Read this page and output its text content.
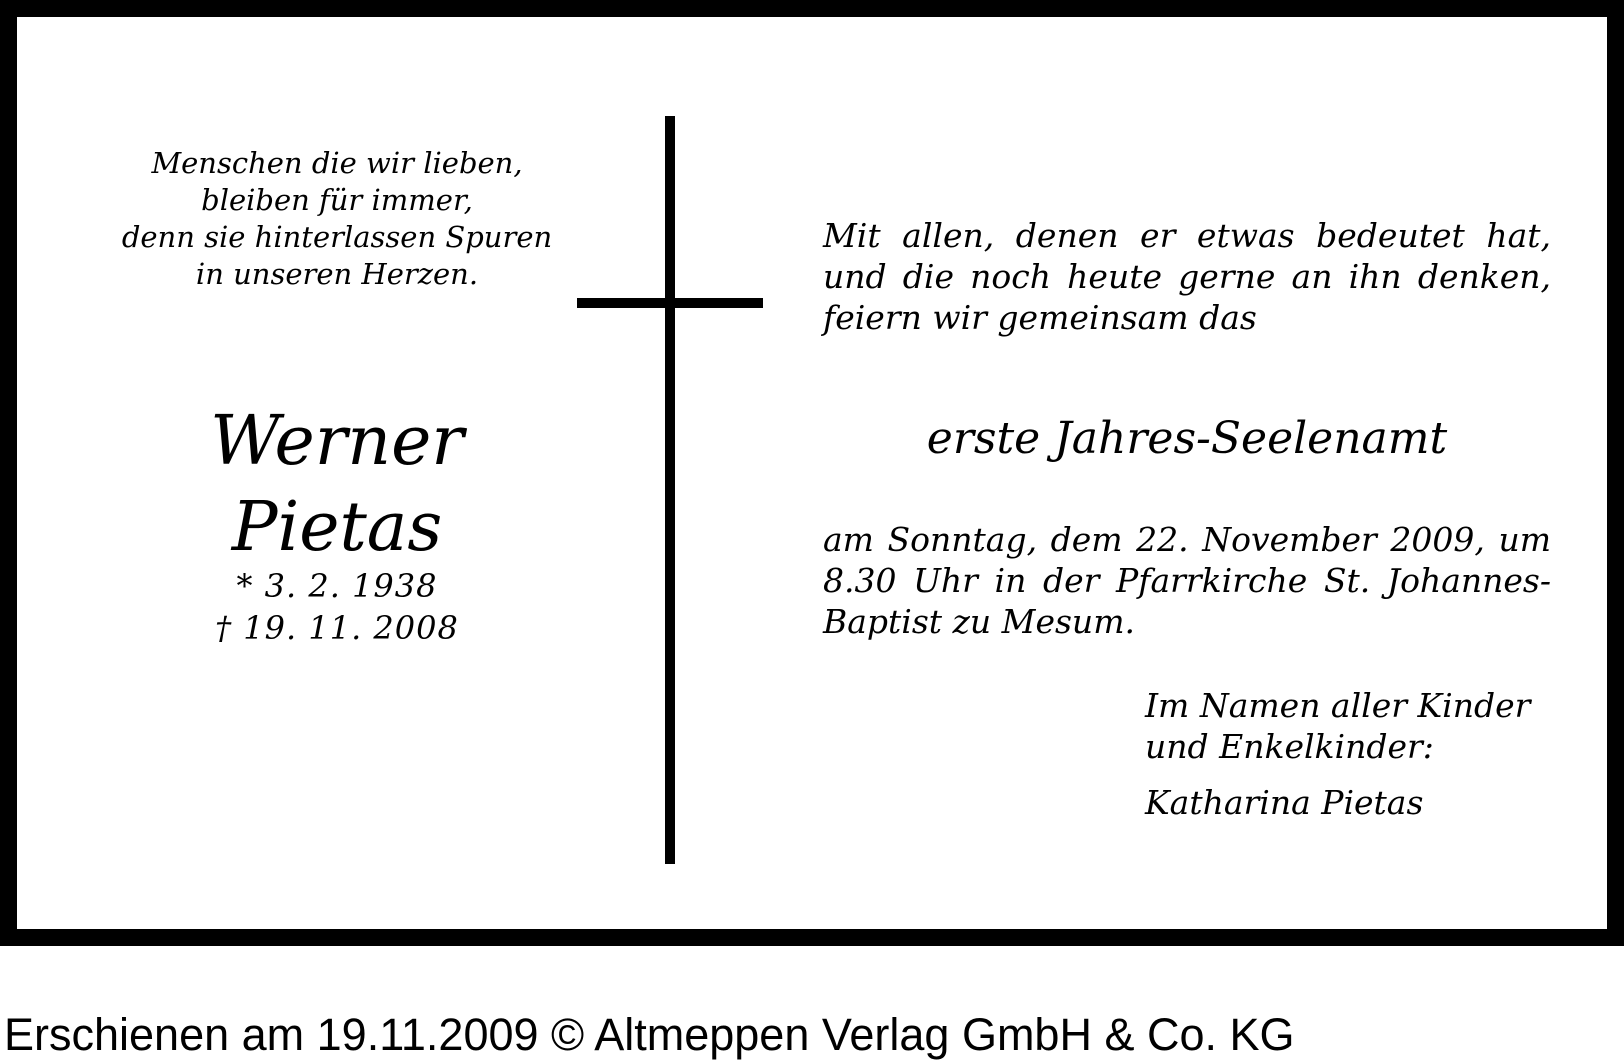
Menschen die wir lieben,
bleiben für immer,
denn sie hinterlassen Spuren
in unseren Herzen.
Werner
Pietas
* 3. 2. 1938
† 19. 11. 2008
Mit allen, denen er etwas bedeutet hat,
und die noch heute gerne an ihn denken,
feiern wir gemeinsam das
erste Jahres-Seelenamt
am Sonntag, dem 22. November 2009, um
8.30 Uhr in der Pfarrkirche St. Johannes-
Baptist zu Mesum.
Im Namen aller Kinder
und Enkelkinder:
Katharina Pietas
Erschienen am 19.11.2009 © Altmeppen Verlag GmbH & Co. KG
